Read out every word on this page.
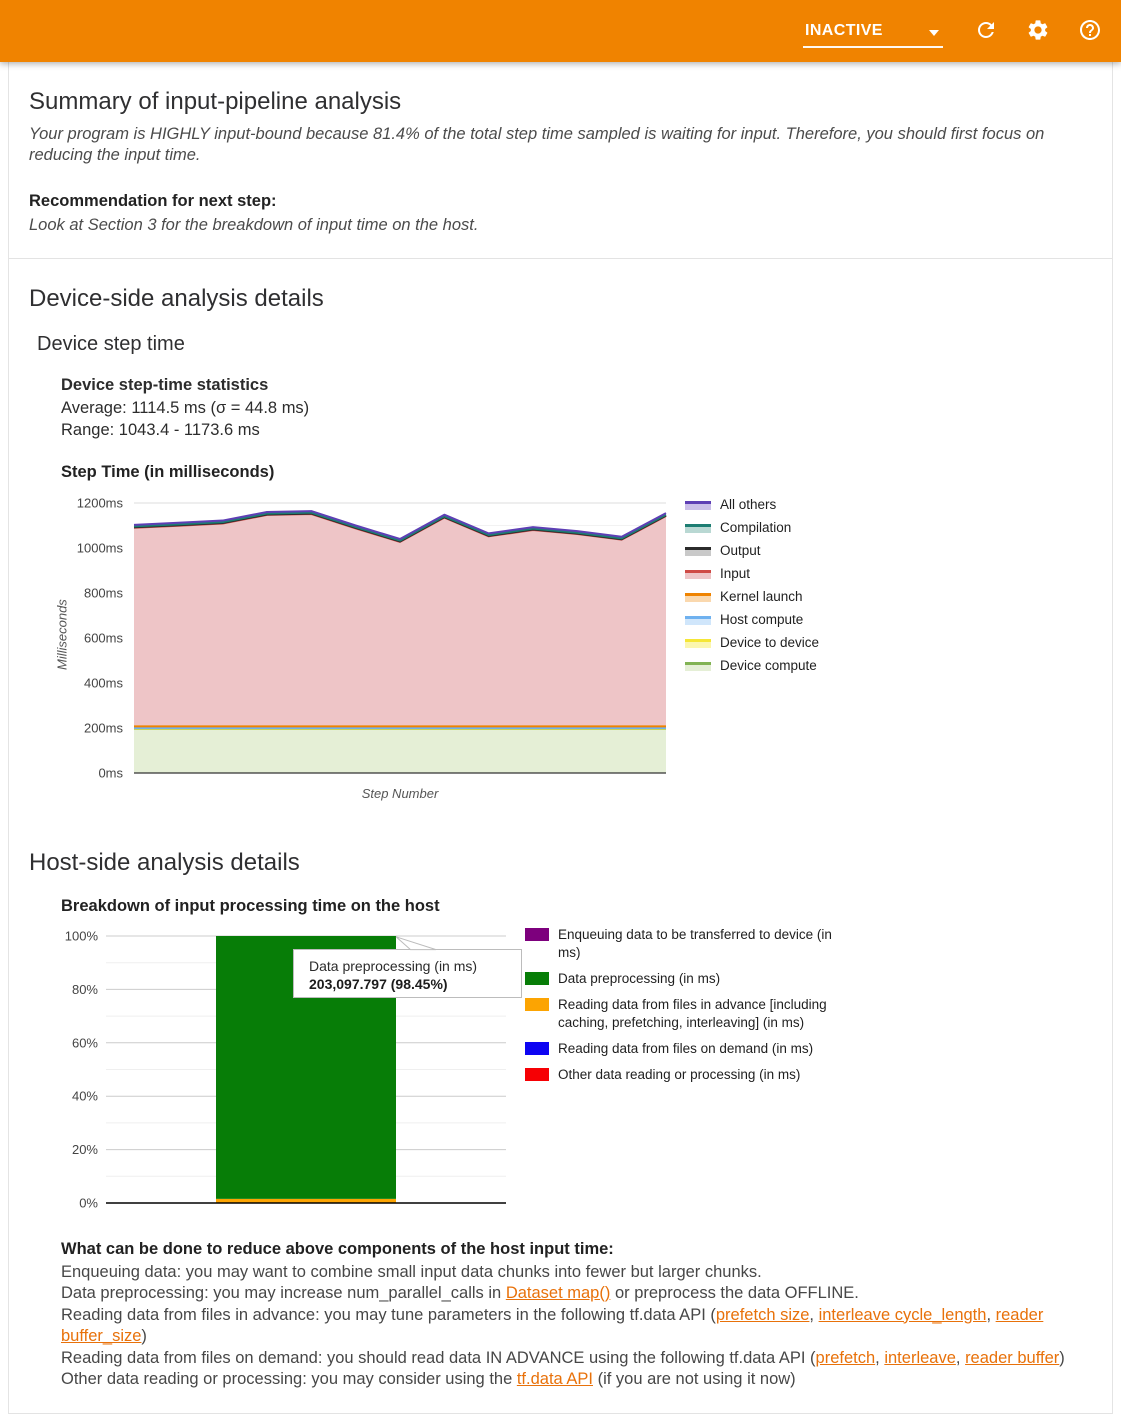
INACTIVE
Summary of input-pipeline analysis

Your program is HIGHLY input-bound because 81.4% of the total step time sampled is waiting for input. Therefore, you should first focus on reducing the input time.

Recommendation for next step:

Look at Section 3 for the breakdown of input time on the host.

Device-side analysis details
Device step time
Device step-time statistics
Average: 1114.5 ms (σ = 44.8 ms)
Range: 1043.4 - 1173.6 ms
Step Time (in milliseconds)
Milliseconds
0ms
200ms
400ms
600ms
800ms
1000ms
1200ms
Step Number
All others
Compilation
Output
Input
Kernel launch
Host compute
Device to device
Device compute
Host-side analysis details
Breakdown of input processing time on the host
0%
20%
40%
60%
80%
100%
Data preprocessing (in ms)
203,097.797 (98.45%)
Enqueuing data to be transferred to device (in ms)
Data preprocessing (in ms)
Reading data from files in advance [including caching, prefetching, interleaving] (in ms)
Reading data from files on demand (in ms)
Other data reading or processing (in ms)
What can be done to reduce above components of the host input time:
Enqueuing data: you may want to combine small input data chunks into fewer but larger chunks.
Data preprocessing: you may increase num_parallel_calls in Dataset map() or preprocess the data OFFLINE.
Reading data from files in advance: you may tune parameters in the following tf.data API (prefetch size, interleave cycle_length, reader buffer_size)
Reading data from files on demand: you should read data IN ADVANCE using the following tf.data API (prefetch, interleave, reader buffer)
Other data reading or processing: you may consider using the tf.data API (if you are not using it now)
